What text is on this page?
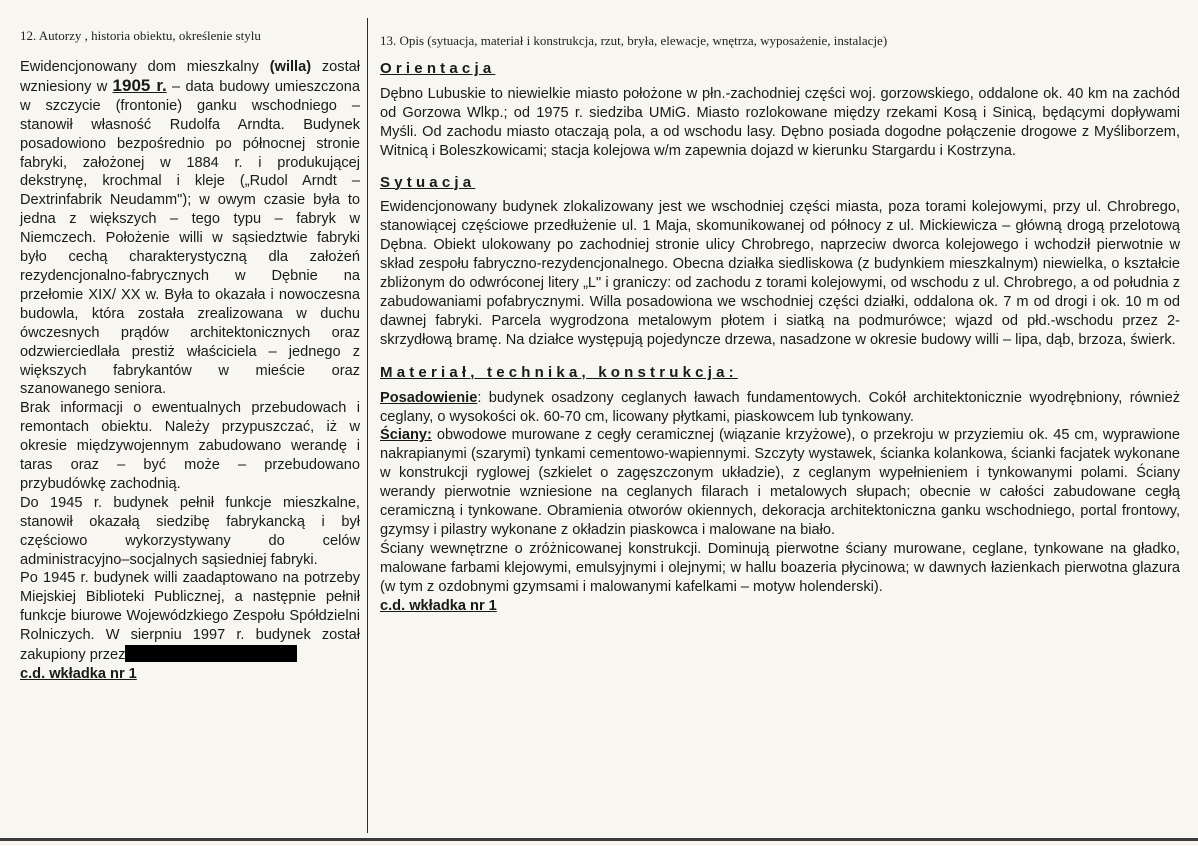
12. Autorzy , historia obiektu, określenie stylu	13. Opis (sytuacja, materiał i konstrukcja, rzut, bryła, elewacje, wnętrza, wyposażenie, instalacje)

Ewidencjonowany dom mieszkalny (willa) został wzniesiony w 1905 r. – data budowy umieszczona w szczycie (frontonie) ganku wschodniego – stanowił własność Rudolfa Arndta. Budynek posadowiono bezpośrednio po północnej stronie fabryki, założonej w 1884 r. i produkującej dekstrynę, krochmal i kleje („Rudol Arndt – Dextrinfabrik Neudamm"); w owym czasie była to jedna z większych – tego typu – fabryk w Niemczech. Położenie willi w sąsiedztwie fabryki było cechą charakterystyczną dla założeń rezydencjonalno-fabrycznych w Dębnie na przełomie XIX/ XX w. Była to okazała i nowoczesna budowla, która została zrealizowana w duchu ówczesnych prądów architektonicznych oraz odzwierciedlała prestiż właściciela – jednego z większych fabrykantów w mieście oraz szanowanego seniora.

Brak informacji o ewentualnych przebudowach i remontach obiektu. Należy przypuszczać, iż w okresie międzywojennym zabudowano werandę i taras oraz – być może – przebudowano przybudówkę zachodnią.

Do 1945 r. budynek pełnił funkcje mieszkalne, stanowił okazałą siedzibę fabrykancką i był częściowo wykorzystywany do celów administracyjno–socjalnych sąsiedniej fabryki.

Po 1945 r. budynek willi zaadaptowano na potrzeby Miejskiej Biblioteki Publicznej, a następnie pełnił funkcje biurowe Wojewódzkiego Zespołu Spółdzielni Rolniczych. W sierpniu 1997 r. budynek został zakupiony przez

c.d. wkładka nr 1

Orientacja

Dębno Lubuskie to niewielkie miasto położone w płn.-zachodniej części woj. gorzowskiego, oddalone ok. 40 km na zachód od Gorzowa Wlkp.; od 1975 r. siedziba UMiG. Miasto rozlokowane między rzekami Kosą i Sinicą, będącymi dopływami Myśli. Od zachodu miasto otaczają pola, a od wschodu lasy. Dębno posiada dogodne połączenie drogowe z Myśliborzem, Witnicą i Boleszkowicami; stacja kolejowa w/m zapewnia dojazd w kierunku Stargardu i Kostrzyna.

Sytuacja

Ewidencjonowany budynek zlokalizowany jest we wschodniej części miasta, poza torami kolejowymi, przy ul. Chrobrego, stanowiącej częściowe przedłużenie ul. 1 Maja, skomunikowanej od północy z ul. Mickiewicza – główną drogą przelotową Dębna. Obiekt ulokowany po zachodniej stronie ulicy Chrobrego, naprzeciw dworca kolejowego i wchodził pierwotnie w skład zespołu fabryczno-rezydencjonalnego. Obecna działka siedliskowa (z budynkiem mieszkalnym) niewielka, o kształcie zbliżonym do odwróconej litery „L" i graniczy: od zachodu z torami kolejowymi, od wschodu z ul. Chrobrego, a od południa z zabudowaniami pofabrycznymi. Willa posadowiona we wschodniej części działki, oddalona ok. 7 m od drogi i ok. 10 m od dawnej fabryki. Parcela wygrodzona metalowym płotem i siatką na podmurówce; wjazd od płd.-wschodu przez 2-skrzydłową bramę. Na działce występują pojedyncze drzewa, nasadzone w okresie budowy willi – lipa, dąb, brzoza, świerk.

Materiał, technika, konstrukcja:

Posadowienie: budynek osadzony ceglanych ławach fundamentowych. Cokół architektonicznie wyodrębniony, również ceglany, o wysokości ok. 60-70 cm, licowany płytkami, piaskowcem lub tynkowany.

Ściany: obwodowe murowane z cegły ceramicznej (wiązanie krzyżowe), o przekroju w przyziemiu ok. 45 cm, wyprawione nakrapianymi (szarymi) tynkami cementowo-wapiennymi. Szczyty wystawek, ścianka kolankowa, ścianki facjatek wykonane w konstrukcji ryglowej (szkielet o zagęszczonym układzie), z ceglanym wypełnieniem i tynkowanymi polami. Ściany werandy pierwotnie wzniesione na ceglanych filarach i metalowych słupach; obecnie w całości zabudowane cegłą ceramiczną i tynkowane. Obramienia otworów okiennych, dekoracja architektoniczna ganku wschodniego, portal frontowy, gzymsy i pilastry wykonane z okładzin piaskowca i malowane na biało.

Ściany wewnętrzne o zróżnicowanej konstrukcji. Dominują pierwotne ściany murowane, ceglane, tynkowane na gładko, malowane farbami klejowymi, emulsyjnymi i olejnymi; w hallu boazeria płycinowa; w dawnych łazienkach pierwotna glazura (w tym z ozdobnymi gzymsami i malowanymi kafelkami – motyw holenderski).

c.d. wkładka nr 1
